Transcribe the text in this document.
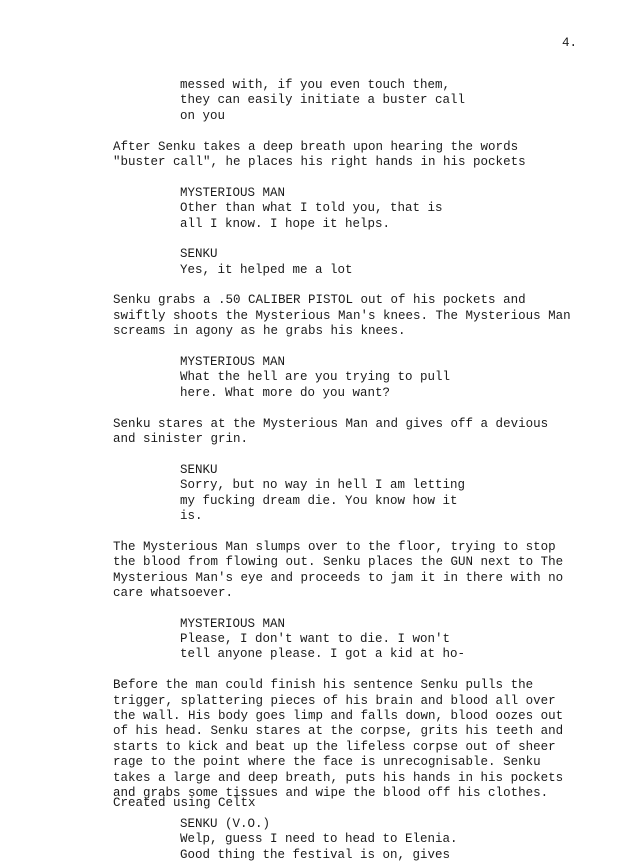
4.
messed with, if you even touch them,
they can easily initiate a buster call
on you
After Senku takes a deep breath upon hearing the words
"buster call", he places his right hands in his pockets
MYSTERIOUS MAN
Other than what I told you, that is
all I know. I hope it helps.
SENKU
Yes, it helped me a lot
Senku grabs a .50 CALIBER PISTOL out of his pockets and
swiftly shoots the Mysterious Man's knees. The Mysterious Man
screams in agony as he grabs his knees.
MYSTERIOUS MAN
What the hell are you trying to pull
here. What more do you want?
Senku stares at the Mysterious Man and gives off a devious
and sinister grin.
SENKU
Sorry, but no way in hell I am letting
my fucking dream die. You know how it
is.
The Mysterious Man slumps over to the floor, trying to stop
the blood from flowing out. Senku places the GUN next to The
Mysterious Man's eye and proceeds to jam it in there with no
care whatsoever.
MYSTERIOUS MAN
Please, I don't want to die. I won't
tell anyone please. I got a kid at ho-
Before the man could finish his sentence Senku pulls the
trigger, splattering pieces of his brain and blood all over
the wall. His body goes limp and falls down, blood oozes out
of his head. Senku stares at the corpse, grits his teeth and
starts to kick and beat up the lifeless corpse out of sheer
rage to the point where the face is unrecognisable. Senku
takes a large and deep breath, puts his hands in his pockets
and grabs some tissues and wipe the blood off his clothes.
SENKU (V.O.)
Welp, guess I need to head to Elenia.
Good thing the festival is on, gives
Created using Celtx
